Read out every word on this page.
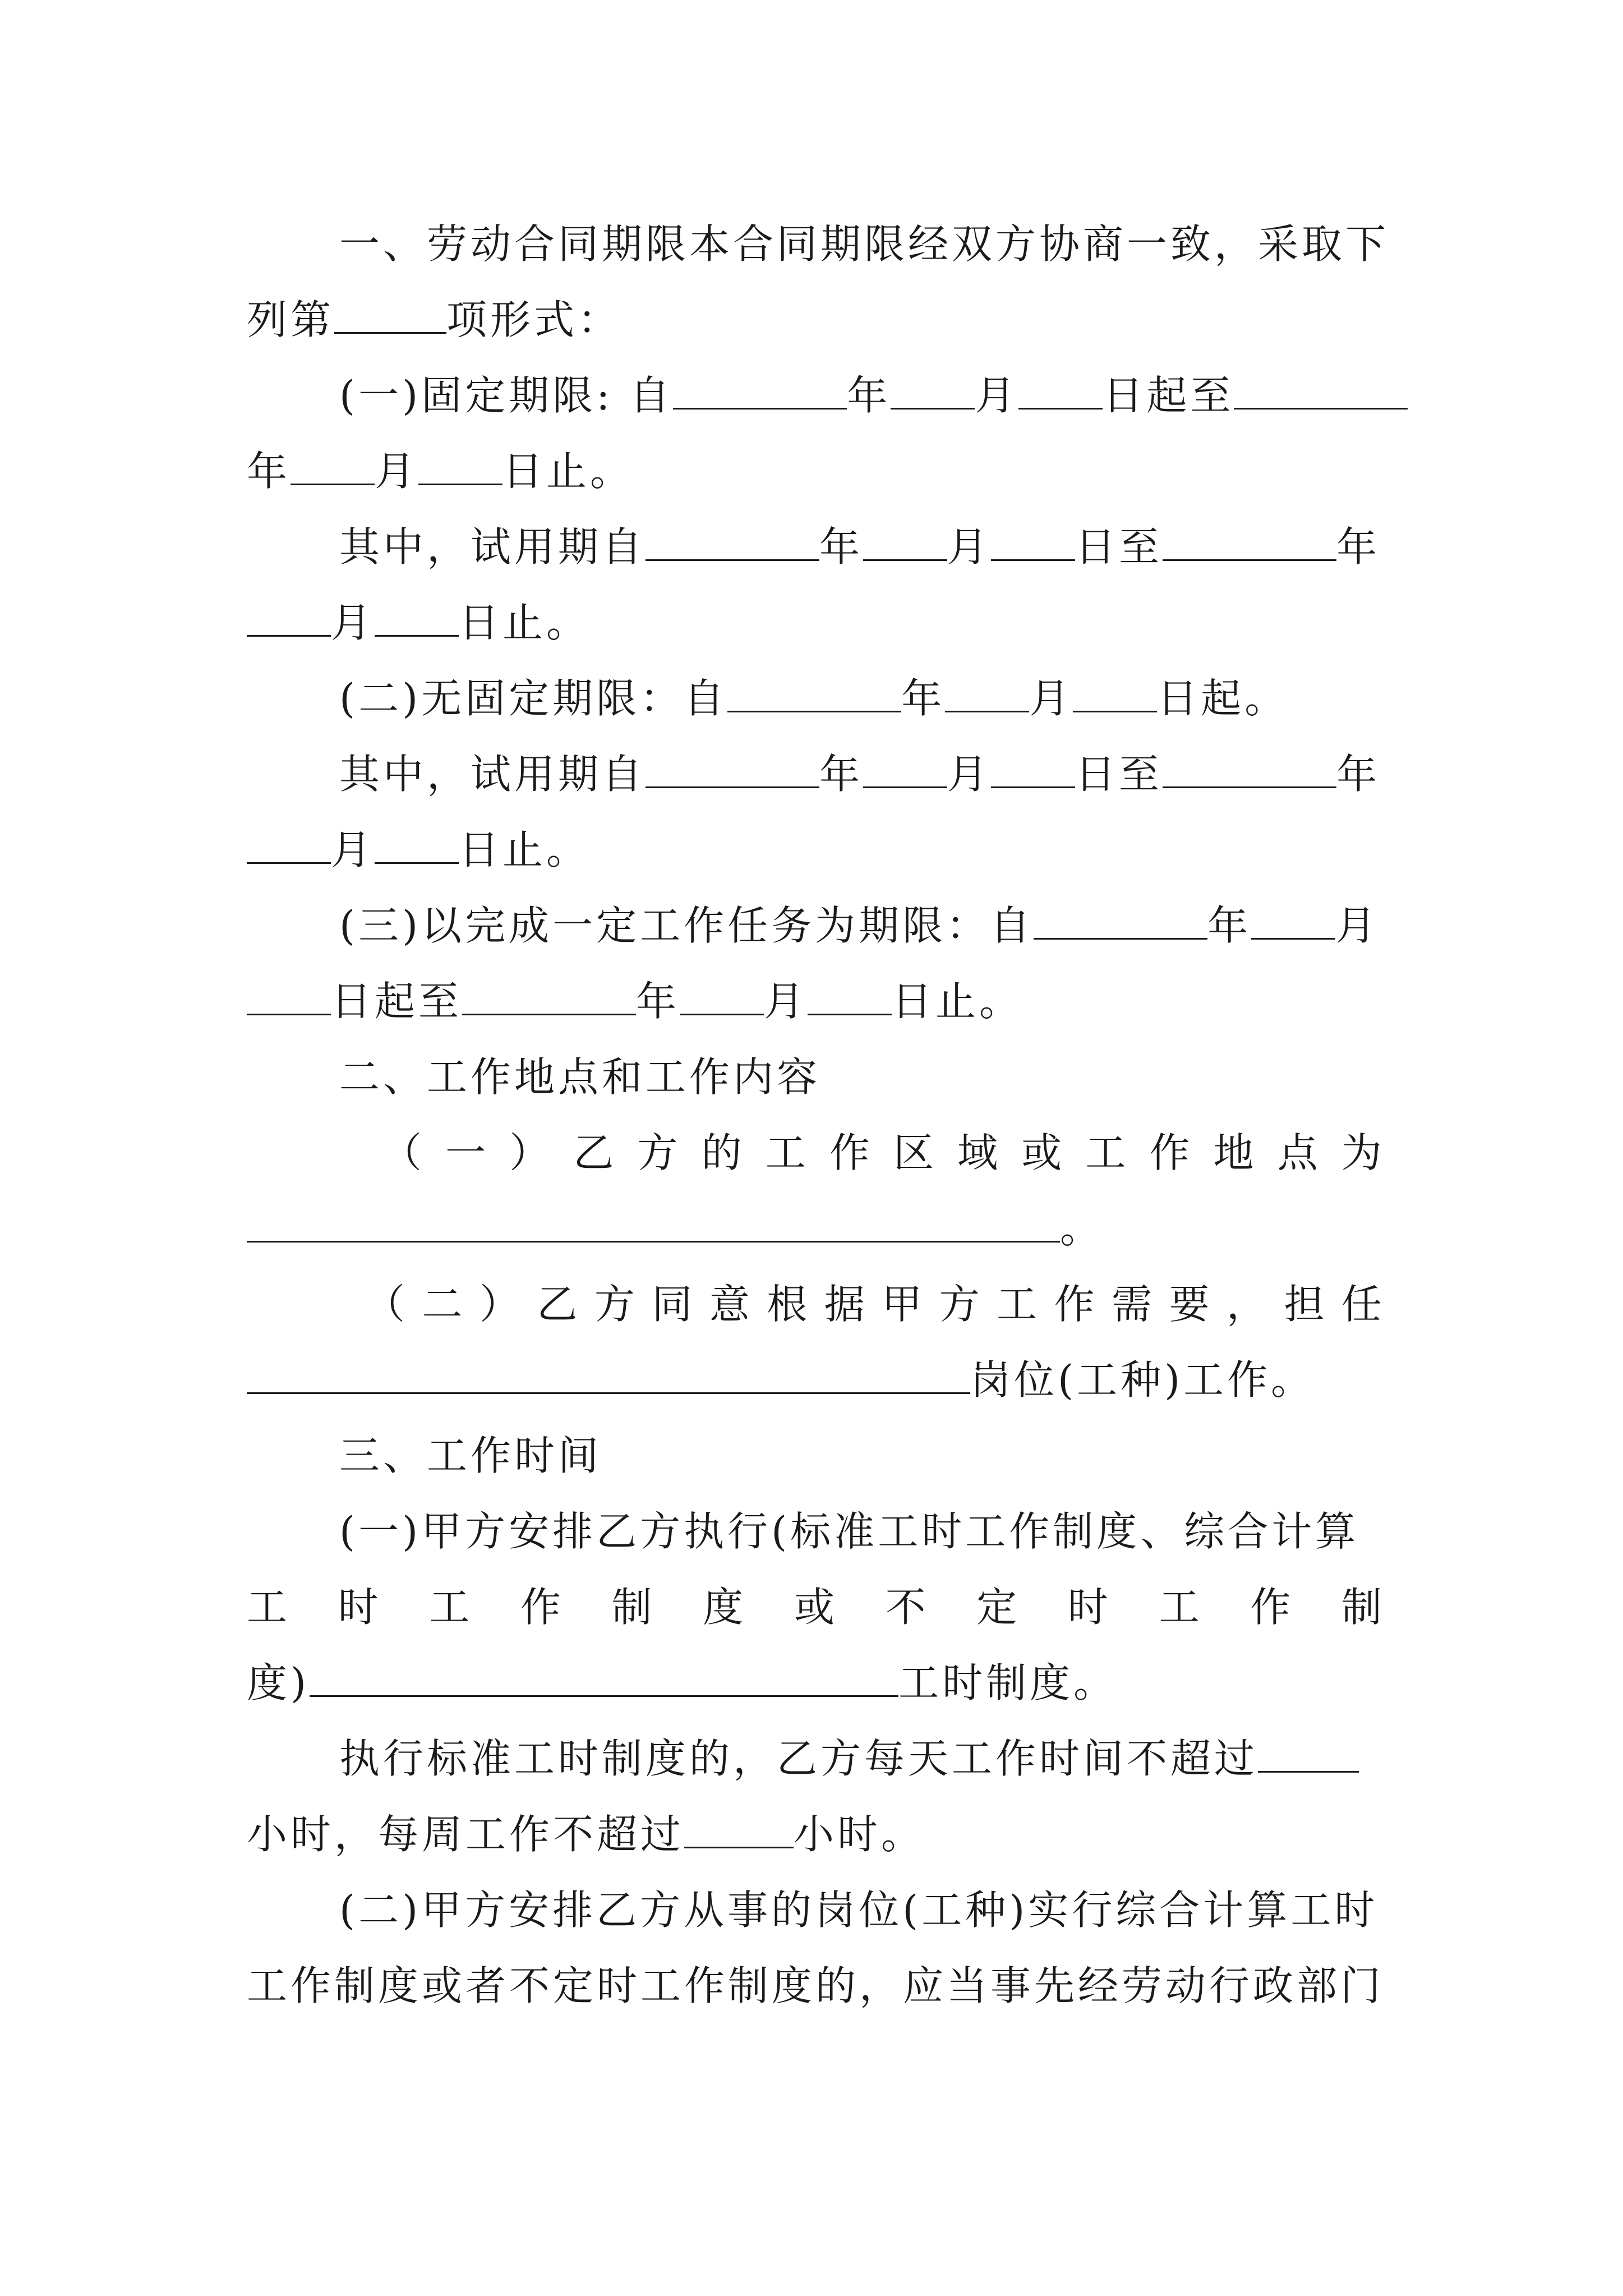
一、劳动合同期限本合同期限经双方协商一致，采取下
列第	项形式：
(一)固定期限: 自	年 月 日起至
年 月 日止。
其中，试用期自	年 月 日至	年
月 日止。
(二)无固定期限：自	年 月 日起。
其中，试用期自	年 月 日至	年
月 日止。
(三)以完成一定工作任务为期限：自	年 月
日起至	年 月 日止。
二、工作地点和工作内容
（ 一 ） 乙 方 的 工 作 区 域 或 工 作 地 点 为
。
（ 二 ） 乙 方 同 意 根 据 甲 方 工 作 需 要 ， 担 任
岗位(工种)工作。
三、工作时间
(一)甲方安排乙方执行(标准工时工作制度、综合计算
工 时 工 作 制 度 或 不 定 时 工 作 制
度)	工时制度。
执行标准工时制度的，乙方每天工作时间不超过
小时，每周工作不超过	小时。
(二)甲方安排乙方从事的岗位(工种)实行综合计算工时
工作制度或者不定时工作制度的，应当事先经劳动行政部门
